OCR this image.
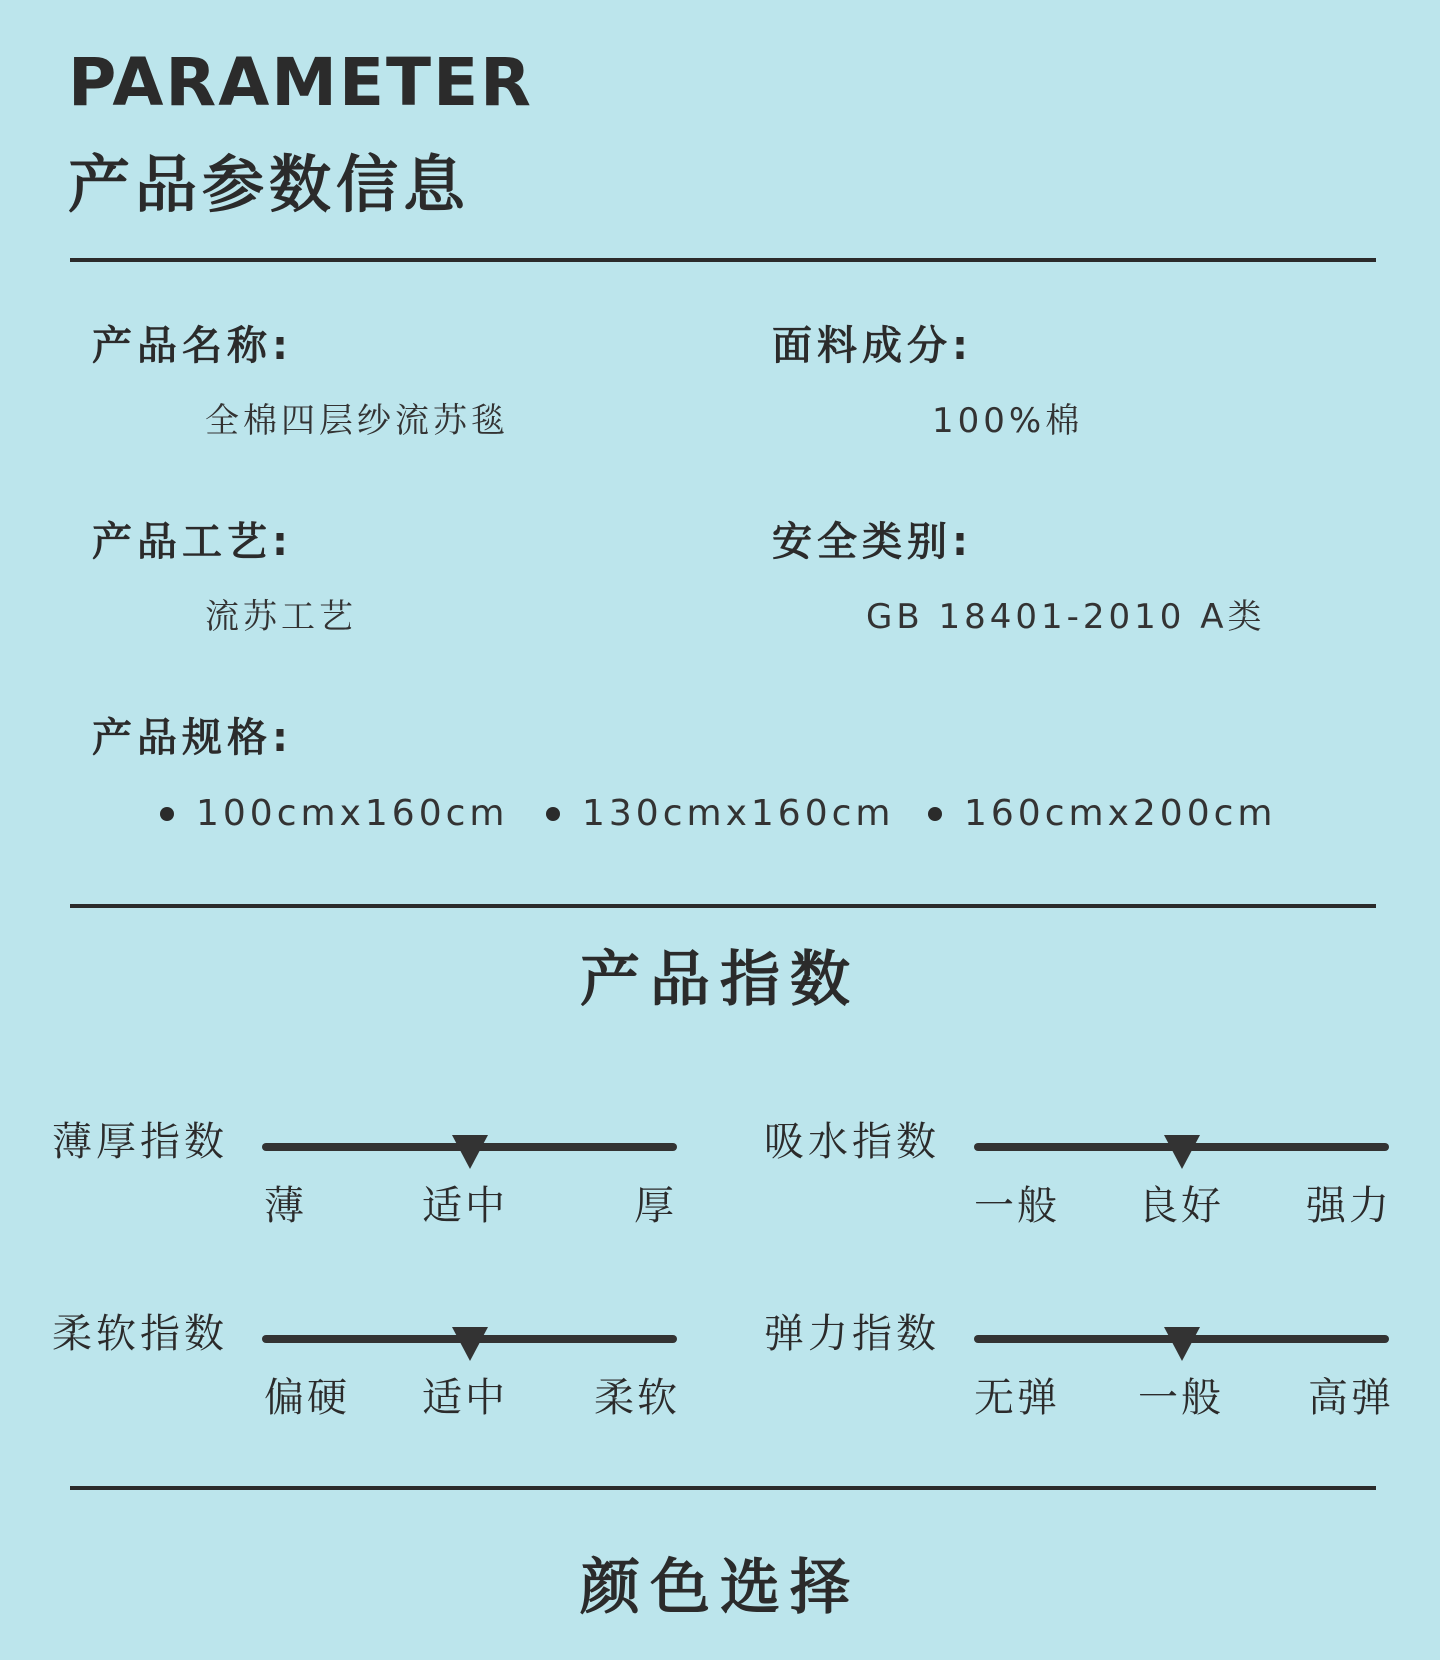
PARAMETER
产品参数信息
产品名称:
全棉四层纱流苏毯
面料成分:
100%棉
产品工艺:
流苏工艺
安全类别:
GB 18401-2010 A类
产品规格:
100cmx160cm 130cmx160cm 160cmx200cm
产品指数
薄厚指数
薄	适中	厚
吸水指数
一般 良好 强力
柔软指数
偏硬 适中 柔软
弹力指数
无弹 一般 高弹
颜色选择
